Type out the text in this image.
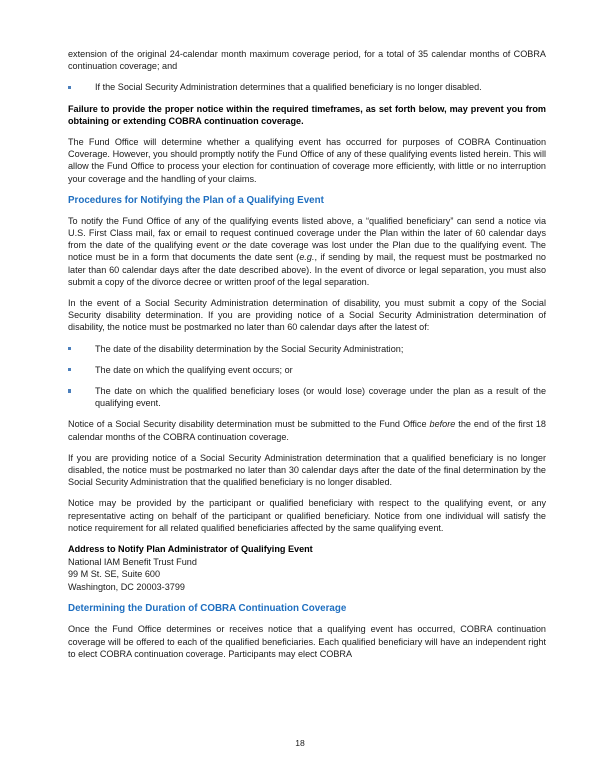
extension of the original 24-calendar month maximum coverage period, for a total of 35 calendar months of COBRA continuation coverage; and

If the Social Security Administration determines that a qualified beneficiary is no longer disabled.

Failure to provide the proper notice within the required timeframes, as set forth below, may prevent you from obtaining or extending COBRA continuation coverage.

The Fund Office will determine whether a qualifying event has occurred for purposes of COBRA Continuation Coverage. However, you should promptly notify the Fund Office of any of these qualifying events listed herein. This will allow the Fund Office to process your election for continuation of coverage more efficiently, with little or no interruption your coverage and the handling of your claims.

Procedures for Notifying the Plan of a Qualifying Event

To notify the Fund Office of any of the qualifying events listed above, a “qualified beneficiary” can send a notice via U.S. First Class mail, fax or email to request continued coverage under the Plan within the later of 60 calendar days from the date of the qualifying event or the date coverage was lost under the Plan due to the qualifying event. The notice must be in a form that documents the date sent (e.g., if sending by mail, the request must be postmarked no later than 60 calendar days after the date described above). In the event of divorce or legal separation, you must also submit a copy of the divorce decree or written proof of the legal separation.

In the event of a Social Security Administration determination of disability, you must submit a copy of the Social Security disability determination. If you are providing notice of a Social Security Administration determination of disability, the notice must be postmarked no later than 60 calendar days after the latest of:

The date of the disability determination by the Social Security Administration;
The date on which the qualifying event occurs; or
The date on which the qualified beneficiary loses (or would lose) coverage under the plan as a result of the qualifying event.

Notice of a Social Security disability determination must be submitted to the Fund Office before the end of the first 18 calendar months of the COBRA continuation coverage.

If you are providing notice of a Social Security Administration determination that a qualified beneficiary is no longer disabled, the notice must be postmarked no later than 30 calendar days after the date of the final determination by the Social Security Administration that the qualified beneficiary is no longer disabled.

Notice may be provided by the participant or qualified beneficiary with respect to the qualifying event, or any representative acting on behalf of the participant or qualified beneficiary. Notice from one individual will satisfy the notice requirement for all related qualified beneficiaries affected by the same qualifying event.

Address to Notify Plan Administrator of Qualifying Event
National IAM Benefit Trust Fund
99 M St. SE, Suite 600
Washington, DC 20003-3799
Determining the Duration of COBRA Continuation Coverage

Once the Fund Office determines or receives notice that a qualifying event has occurred, COBRA continuation coverage will be offered to each of the qualified beneficiaries. Each qualified beneficiary will have an independent right to elect COBRA continuation coverage. Participants may elect COBRA

18
